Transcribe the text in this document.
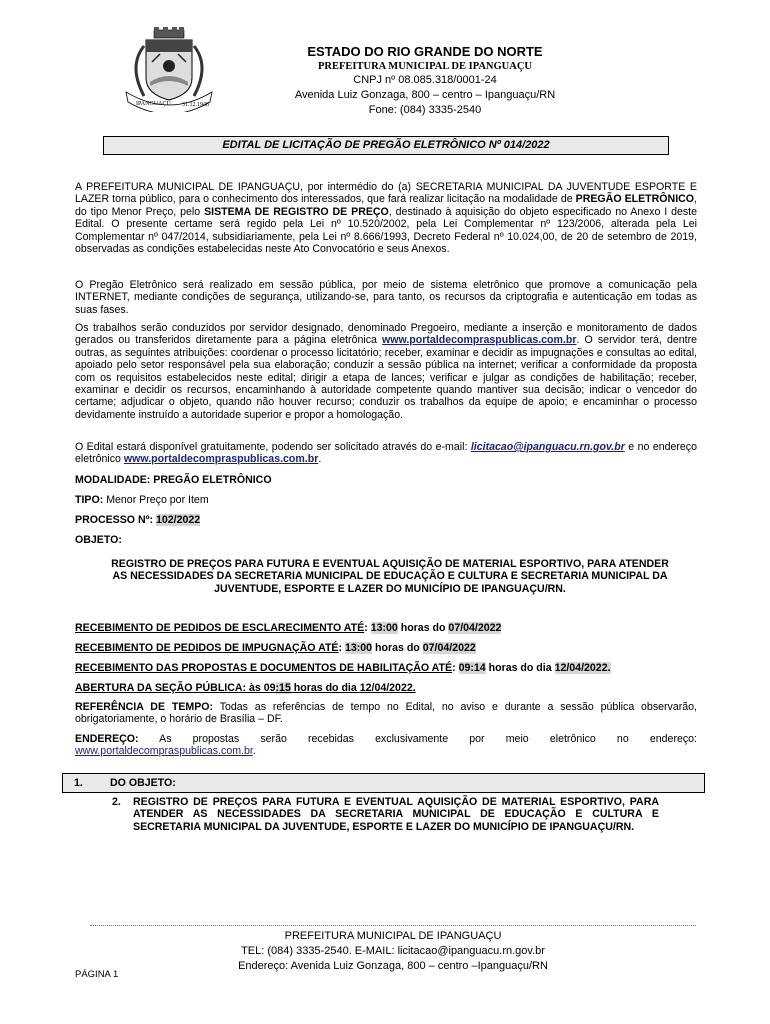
IPANGUAÇU 31.12.1948
ESTADO DO RIO GRANDE DO NORTE
PREFEITURA MUNICIPAL DE IPANGUAÇU
CNPJ nº 08.085.318/0001-24
Avenida Luiz Gonzaga, 800 – centro – Ipanguaçu/RN
Fone: (084) 3335-2540
EDITAL DE LICITAÇÃO DE PREGÃO ELETRÔNICO Nº 014/2022
A PREFEITURA MUNICIPAL DE IPANGUAÇU, por intermédio do (a) SECRETARIA MUNICIPAL DA JUVENTUDE ESPORTE E LAZER torna público, para o conhecimento dos interessados, que fará realizar licitação na modalidade de PREGÃO ELETRÔNICO, do tipo Menor Preço, pelo SISTEMA DE REGISTRO DE PREÇO, destinado à aquisição do objeto especificado no Anexo I deste Edital. O presente certame será regido pela Lei nº 10.520/2002, pela Lei Complementar nº 123/2006, alterada pela Lei Complementar nº 047/2014, subsidiariamente, pela Lei nº 8.666/1993, Decreto Federal nº 10.024,00, de 20 de setembro de 2019, observadas as condições estabelecidas neste Ato Convocatório e seus Anexos.
O Pregão Eletrônico será realizado em sessão pública, por meio de sistema eletrônico que promove a comunicação pela INTERNET, mediante condições de segurança, utilizando-se, para tanto, os recursos da criptografia e autenticação em todas as suas fases.
Os trabalhos serão conduzidos por servidor designado, denominado Pregoeiro, mediante a inserção e monitoramento de dados gerados ou transferidos diretamente para a página eletrônica www.portaldecompraspublicas.com.br. O servidor terá, dentre outras, as seguintes atribuições: coordenar o processo licitatório; receber, examinar e decidir as impugnações e consultas ao edital, apoiado pelo setor responsável pela sua elaboração; conduzir a sessão pública na internet; verificar a conformidade da proposta com os requisitos estabelecidos neste edital; dirigir a etapa de lances; verificar e julgar as condições de habilitação; receber, examinar e decidir os recursos, encaminhando à autoridade competente quando mantiver sua decisão; indicar o vencedor do certame; adjudicar o objeto, quando não houver recurso; conduzir os trabalhos da equipe de apoio; e encaminhar o processo devidamente instruído a autoridade superior e propor a homologação.
O Edital estará disponível gratuitamente, podendo ser solicitado através do e-mail: licitacao@ipanguacu.rn.gov.br e no endereço eletrônico www.portaldecompraspublicas.com.br.
MODALIDADE: PREGÃO ELETRÔNICO
TIPO: Menor Preço por Item
PROCESSO Nº: 102/2022
OBJETO:
REGISTRO DE PREÇOS PARA FUTURA E EVENTUAL AQUISIÇÃO DE MATERIAL ESPORTIVO, PARA ATENDER AS NECESSIDADES DA SECRETARIA MUNICIPAL DE EDUCAÇÃO E CULTURA E SECRETARIA MUNICIPAL DA JUVENTUDE, ESPORTE E LAZER DO MUNICÍPIO DE IPANGUAÇU/RN.
RECEBIMENTO DE PEDIDOS DE ESCLARECIMENTO ATÉ: 13:00 horas do 07/04/2022
RECEBIMENTO DE PEDIDOS DE IMPUGNAÇÃO ATÉ: 13:00 horas do 07/04/2022
RECEBIMENTO DAS PROPOSTAS E DOCUMENTOS DE HABILITAÇÃO ATÉ: 09:14 horas do dia 12/04/2022.
ABERTURA DA SEÇÃO PÚBLICA: às 09:15 horas do dia 12/04/2022.
REFERÊNCIA DE TEMPO: Todas as referências de tempo no Edital, no aviso e durante a sessão pública observarão, obrigatoriamente, o horário de Brasília – DF.
ENDEREÇO: As propostas serão recebidas exclusivamente por meio eletrônico no endereço:
www.portaldecompraspublicas.com.br.
1.	DO OBJETO:
2. REGISTRO DE PREÇOS PARA FUTURA E EVENTUAL AQUISIÇÃO DE MATERIAL ESPORTIVO, PARA ATENDER AS NECESSIDADES DA SECRETARIA MUNICIPAL DE EDUCAÇÃO E CULTURA E SECRETARIA MUNICIPAL DA JUVENTUDE, ESPORTE E LAZER DO MUNICÍPIO DE IPANGUAÇU/RN.
PREFEITURA MUNICIPAL DE IPANGUAÇU
TEL: (084) 3335-2540. E-MAIL: licitacao@ipanguacu.rn.gov.br
Endereço: Avenida Luiz Gonzaga, 800 – centro –Ipanguaçu/RN
PÁGINA 1
